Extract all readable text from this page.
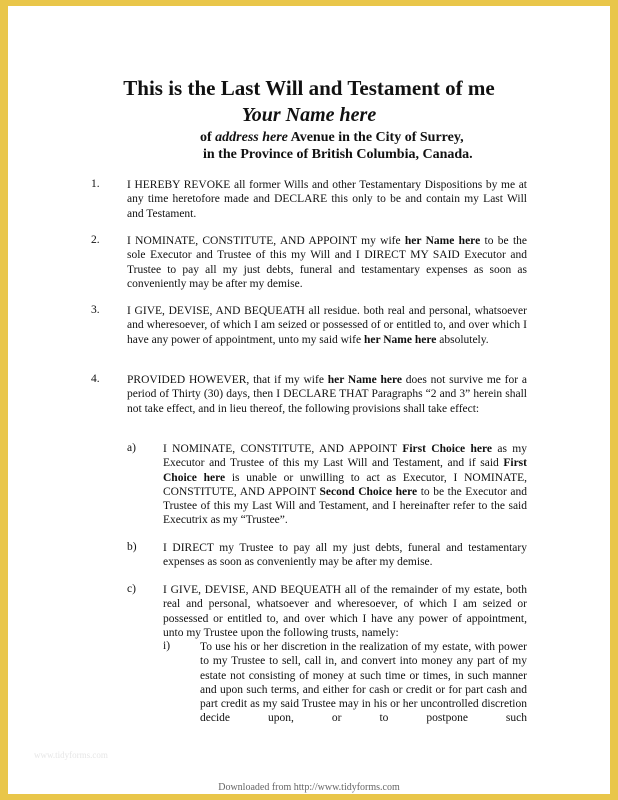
This is the Last Will and Testament of me
Your Name here
of address here Avenue in the City of Surrey,
in the Province of British Columbia, Canada.
1. I HEREBY REVOKE all former Wills and other Testamentary Dispositions by me at any time heretofore made and DECLARE this only to be and contain my Last Will and Testament.
2. I NOMINATE, CONSTITUTE, AND APPOINT my wife her Name here to be the sole Executor and Trustee of this my Will and I DIRECT MY SAID Executor and Trustee to pay all my just debts, funeral and testamentary expenses as soon as conveniently may be after my demise.
3. I GIVE, DEVISE, AND BEQUEATH all residue. both real and personal, whatsoever and wheresoever, of which I am seized or possessed of or entitled to, and over which I have any power of appointment, unto my said wife her Name here absolutely.
4. PROVIDED HOWEVER, that if my wife her Name here does not survive me for a period of Thirty (30) days, then I DECLARE THAT Paragraphs “2 and 3” herein shall not take effect, and in lieu thereof, the following provisions shall take effect:
a) I NOMINATE, CONSTITUTE, AND APPOINT First Choice here as my Executor and Trustee of this my Last Will and Testament, and if said First Choice here is unable or unwilling to act as Executor, I NOMINATE, CONSTITUTE, AND APPOINT Second Choice here to be the Executor and Trustee of this my Last Will and Testament, and I hereinafter refer to the said Executrix as my “Trustee”.
b) I DIRECT my Trustee to pay all my just debts, funeral and testamentary expenses as soon as conveniently may be after my demise.
c) I GIVE, DEVISE, AND BEQUEATH all of the remainder of my estate, both real and personal, whatsoever and wheresoever, of which I am seized or possessed or entitled to, and over which I have any power of appointment, unto my Trustee upon the following trusts, namely:
i)	To use his or her discretion in the realization of my estate, with power to my Trustee to sell, call in, and convert into money any part of my estate not consisting of money at such time or times, in such manner and upon such terms, and either for cash or credit or for part cash and part credit as my said Trustee may in his or her uncontrolled discretion decide upon, or to postpone such
www.tidyforms.com
Downloaded from http://www.tidyforms.com
